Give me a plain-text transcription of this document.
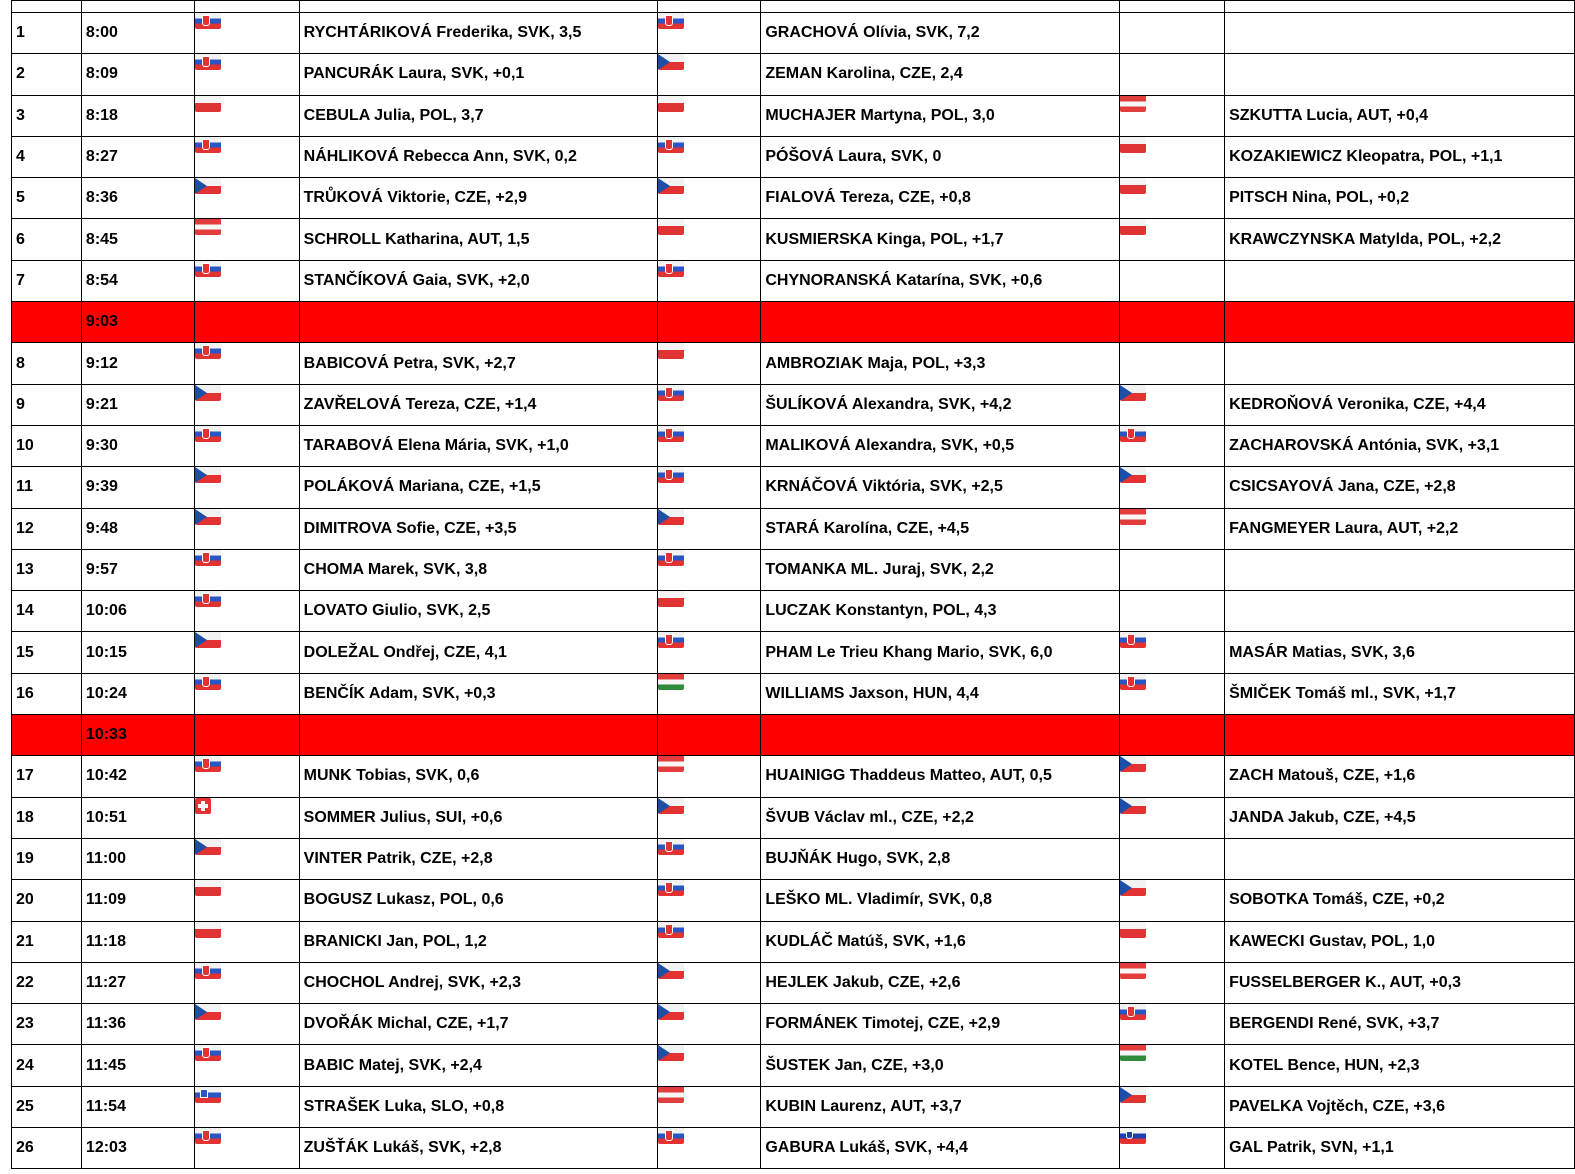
1	8:00		RYCHTÁRIKOVÁ Frederika, SVK, 3,5		GRACHOVÁ Olívia, SVK, 7,2		
2	8:09		PANCURÁK Laura, SVK, +0,1		ZEMAN Karolina, CZE, 2,4		
3	8:18		CEBULA Julia, POL, 3,7		MUCHAJER Martyna, POL, 3,0		SZKUTTA Lucia, AUT, +0,4
4	8:27		NÁHLIKOVÁ Rebecca Ann, SVK, 0,2		PÓŠOVÁ Laura, SVK, 0		KOZAKIEWICZ Kleopatra, POL, +1,1
5	8:36		TRŮKOVÁ Viktorie, CZE, +2,9		FIALOVÁ Tereza, CZE, +0,8		PITSCH Nina, POL, +0,2
6	8:45		SCHROLL Katharina, AUT, 1,5		KUSMIERSKA Kinga, POL, +1,7		KRAWCZYNSKA Matylda, POL, +2,2
7	8:54		STANČÍKOVÁ Gaia, SVK, +2,0		CHYNORANSKÁ Katarína, SVK, +0,6		
	9:03						
8	9:12		BABICOVÁ Petra, SVK, +2,7		AMBROZIAK Maja, POL, +3,3		
9	9:21		ZAVŘELOVÁ Tereza, CZE, +1,4		ŠULÍKOVÁ Alexandra, SVK, +4,2		KEDROŇOVÁ Veronika, CZE, +4,4
10	9:30		TARABOVÁ Elena Mária, SVK, +1,0		MALIKOVÁ Alexandra, SVK, +0,5		ZACHAROVSKÁ Antónia, SVK, +3,1
11	9:39		POLÁKOVÁ Mariana, CZE, +1,5		KRNÁČOVÁ Viktória, SVK, +2,5		CSICSAYOVÁ Jana, CZE, +2,8
12	9:48		DIMITROVA Sofie, CZE, +3,5		STARÁ Karolína, CZE, +4,5		FANGMEYER Laura, AUT, +2,2
13	9:57		CHOMA Marek, SVK, 3,8		TOMANKA ML. Juraj, SVK, 2,2		
14	10:06		LOVATO Giulio, SVK, 2,5		LUCZAK Konstantyn, POL, 4,3		
15	10:15		DOLEŽAL Ondřej, CZE, 4,1		PHAM Le Trieu Khang Mario, SVK, 6,0		MASÁR Matias, SVK, 3,6
16	10:24		BENČÍK Adam, SVK, +0,3		WILLIAMS Jaxson, HUN, 4,4		ŠMIČEK Tomáš ml., SVK, +1,7
	10:33						
17	10:42		MUNK Tobias, SVK, 0,6		HUAINIGG Thaddeus Matteo, AUT, 0,5		ZACH Matouš, CZE, +1,6
18	10:51		SOMMER Julius, SUI, +0,6		ŠVUB Václav ml., CZE, +2,2		JANDA Jakub, CZE, +4,5
19	11:00		VINTER Patrik, CZE, +2,8		BUJŇÁK Hugo, SVK, 2,8		
20	11:09		BOGUSZ Lukasz, POL, 0,6		LEŠKO ML. Vladimír, SVK, 0,8		SOBOTKA Tomáš, CZE, +0,2
21	11:18		BRANICKI Jan, POL, 1,2		KUDLÁČ Matúš, SVK, +1,6		KAWECKI Gustav, POL, 1,0
22	11:27		CHOCHOL Andrej, SVK, +2,3		HEJLEK Jakub, CZE, +2,6		FUSSELBERGER K., AUT, +0,3
23	11:36		DVOŘÁK Michal, CZE, +1,7		FORMÁNEK Timotej, CZE, +2,9		BERGENDI René, SVK, +3,7
24	11:45		BABIC Matej, SVK, +2,4		ŠUSTEK Jan, CZE, +3,0		KOTEL Bence, HUN, +2,3
25	11:54		STRAŠEK Luka, SLO, +0,8		KUBIN Laurenz, AUT, +3,7		PAVELKA Vojtěch, CZE, +3,6
26	12:03		ZUŠŤÁK Lukáš, SVK, +2,8		GABURA Lukáš, SVK, +4,4		GAL Patrik, SVN, +1,1
